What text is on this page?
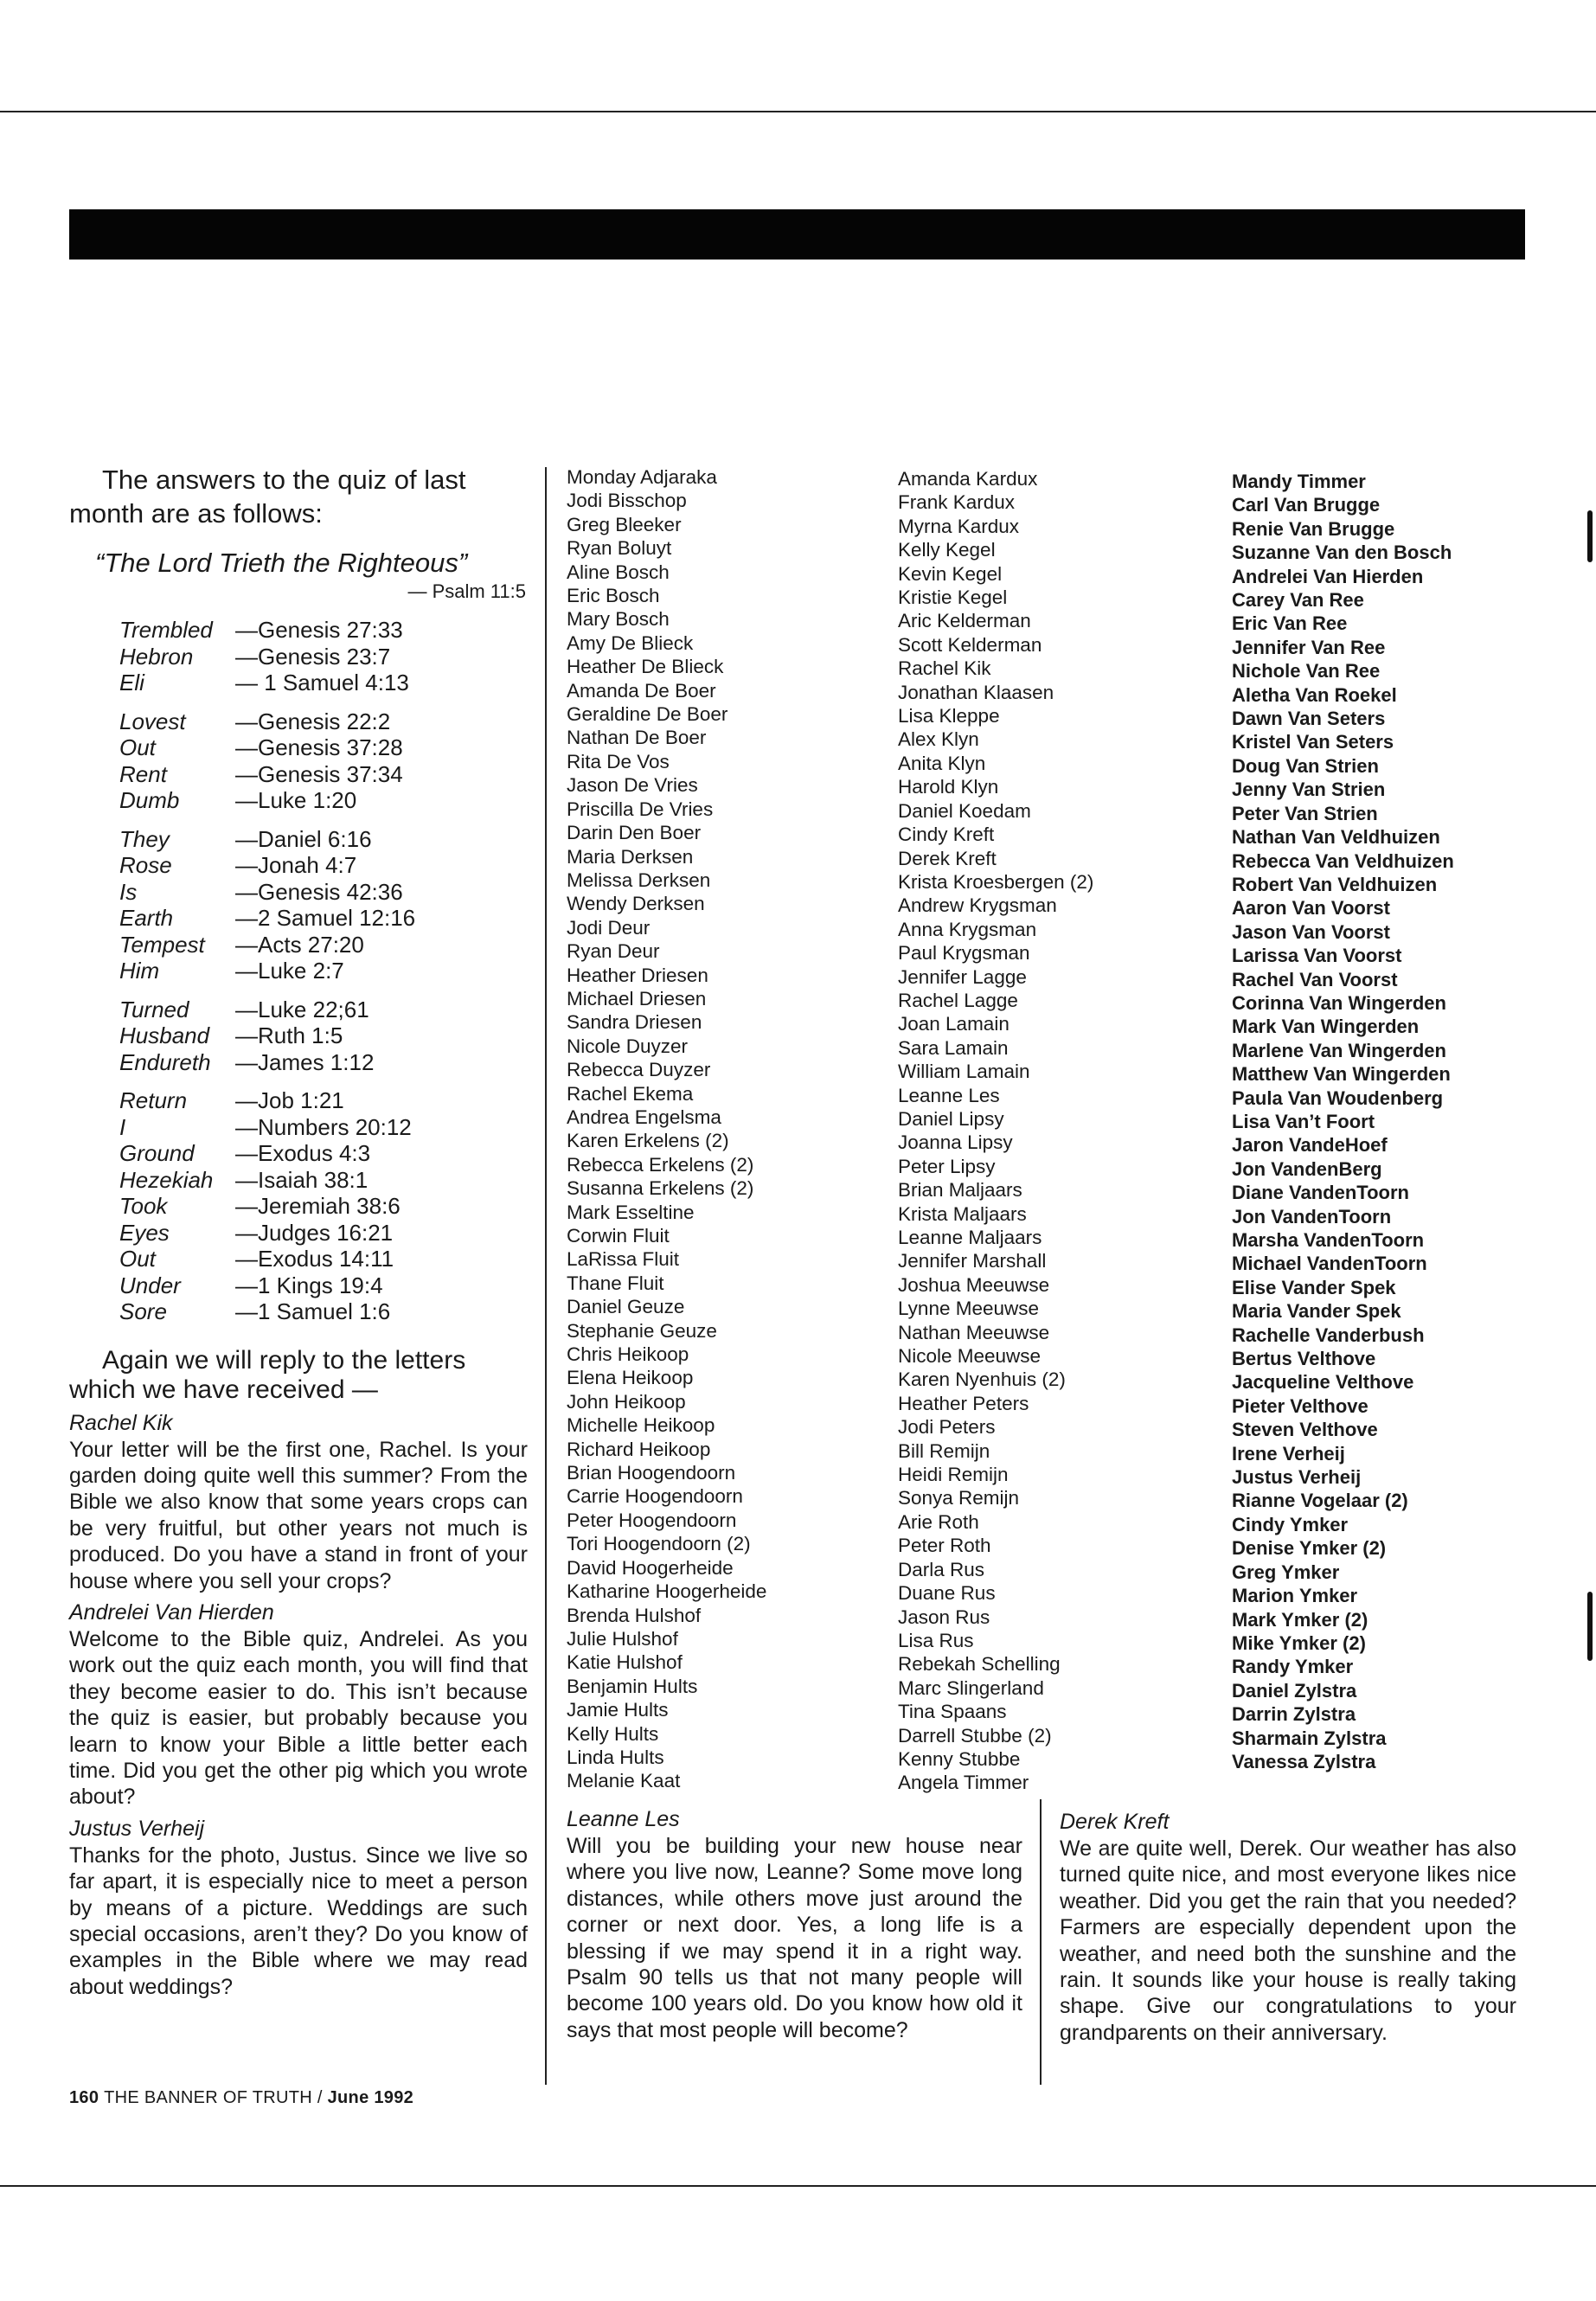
The answers to the quiz of last month are as follows:

“The Lord Trieth the Righteous”
— Psalm 11:5
Trembled	—Genesis 27:33
Hebron	—Genesis 23:7
Eli	— 1 Samuel 4:13
Lovest	—Genesis 22:2
Out	—Genesis 37:28
Rent	—Genesis 37:34
Dumb	—Luke 1:20
They	—Daniel 6:16
Rose	—Jonah 4:7
Is	—Genesis 42:36
Earth	—2 Samuel 12:16
Tempest	—Acts 27:20
Him	—Luke 2:7
Turned	—Luke 22;61
Husband	—Ruth 1:5
Endureth	—James 1:12
Return	—Job 1:21
I	—Numbers 20:12
Ground	—Exodus 4:3
Hezekiah —Isaiah 38:1
Took	—Jeremiah 38:6
Eyes	—Judges 16:21
Out	—Exodus 14:11
Under	—1 Kings 19:4
Sore	—1 Samuel 1:6

Again we will reply to the letters which we have received —

Rachel Kik

Your letter will be the first one, Rachel. Is your garden doing quite well this summer? From the Bible we also know that some years crops can be very fruitful, but other years not much is produced. Do you have a stand in front of your house where you sell your crops?

Andrelei Van Hierden

Welcome to the Bible quiz, Andrelei. As you work out the quiz each month, you will find that they become easier to do. This isn’t because the quiz is easier, but probably because you learn to know your Bible a little better each time. Did you get the other pig which you wrote about?

Justus Verheij

Thanks for the photo, Justus. Since we live so far apart, it is especially nice to meet a person by means of a picture. Weddings are such special occasions, aren’t they? Do you know of examples in the Bible where we may read about weddings?

Monday Adjaraka
Jodi Bisschop
Greg Bleeker
Ryan Boluyt
Aline Bosch
Eric Bosch
Mary Bosch
Amy De Blieck
Heather De Blieck
Amanda De Boer
Geraldine De Boer
Nathan De Boer
Rita De Vos
Jason De Vries
Priscilla De Vries
Darin Den Boer
Maria Derksen
Melissa Derksen
Wendy Derksen
Jodi Deur
Ryan Deur
Heather Driesen
Michael Driesen
Sandra Driesen
Nicole Duyzer
Rebecca Duyzer
Rachel Ekema
Andrea Engelsma
Karen Erkelens (2)
Rebecca Erkelens (2)
Susanna Erkelens (2)
Mark Esseltine
Corwin Fluit
LaRissa Fluit
Thane Fluit
Daniel Geuze
Stephanie Geuze
Chris Heikoop
Elena Heikoop
John Heikoop
Michelle Heikoop
Richard Heikoop
Brian Hoogendoorn
Carrie Hoogendoorn
Peter Hoogendoorn
Tori Hoogendoorn (2)
David Hoogerheide
Katharine Hoogerheide
Brenda Hulshof
Julie Hulshof
Katie Hulshof
Benjamin Hults
Jamie Hults
Kelly Hults
Linda Hults
Melanie Kaat
Amanda Kardux
Frank Kardux
Myrna Kardux
Kelly Kegel
Kevin Kegel
Kristie Kegel
Aric Kelderman
Scott Kelderman
Rachel Kik
Jonathan Klaasen
Lisa Kleppe
Alex Klyn
Anita Klyn
Harold Klyn
Daniel Koedam
Cindy Kreft
Derek Kreft
Krista Kroesbergen (2)
Andrew Krygsman
Anna Krygsman
Paul Krygsman
Jennifer Lagge
Rachel Lagge
Joan Lamain
Sara Lamain
William Lamain
Leanne Les
Daniel Lipsy
Joanna Lipsy
Peter Lipsy
Brian Maljaars
Krista Maljaars
Leanne Maljaars
Jennifer Marshall
Joshua Meeuwse
Lynne Meeuwse
Nathan Meeuwse
Nicole Meeuwse
Karen Nyenhuis (2)
Heather Peters
Jodi Peters
Bill Remijn
Heidi Remijn
Sonya Remijn
Arie Roth
Peter Roth
Darla Rus
Duane Rus
Jason Rus
Lisa Rus
Rebekah Schelling
Marc Slingerland
Tina Spaans
Darrell Stubbe (2)
Kenny Stubbe
Angela Timmer
Mandy Timmer
Carl Van Brugge
Renie Van Brugge
Suzanne Van den Bosch
Andrelei Van Hierden
Carey Van Ree
Eric Van Ree
Jennifer Van Ree
Nichole Van Ree
Aletha Van Roekel
Dawn Van Seters
Kristel Van Seters
Doug Van Strien
Jenny Van Strien
Peter Van Strien
Nathan Van Veldhuizen
Rebecca Van Veldhuizen
Robert Van Veldhuizen
Aaron Van Voorst
Jason Van Voorst
Larissa Van Voorst
Rachel Van Voorst
Corinna Van Wingerden
Mark Van Wingerden
Marlene Van Wingerden
Matthew Van Wingerden
Paula Van Woudenberg
Lisa Van’t Foort
Jaron VandeHoef
Jon VandenBerg
Diane VandenToorn
Jon VandenToorn
Marsha VandenToorn
Michael VandenToorn
Elise Vander Spek
Maria Vander Spek
Rachelle Vanderbush
Bertus Velthove
Jacqueline Velthove
Pieter Velthove
Steven Velthove
Irene Verheij
Justus Verheij
Rianne Vogelaar (2)
Cindy Ymker
Denise Ymker (2)
Greg Ymker
Marion Ymker
Mark Ymker (2)
Mike Ymker (2)
Randy Ymker
Daniel Zylstra
Darrin Zylstra
Sharmain Zylstra
Vanessa Zylstra

Leanne Les

Will you be building your new house near where you live now, Leanne? Some move long distances, while others move just around the corner or next door. Yes, a long life is a blessing if we may spend it in a right way. Psalm 90 tells us that not many people will become 100 years old. Do you know how old it says that most people will become?

Derek Kreft

We are quite well, Derek. Our weather has also turned quite nice, and most everyone likes nice weather. Did you get the rain that you needed? Farmers are especially dependent upon the weather, and need both the sunshine and the rain. It sounds like your house is really taking shape. Give our congratulations to your grandparents on their anniversary.

160 THE BANNER OF TRUTH / June 1992
